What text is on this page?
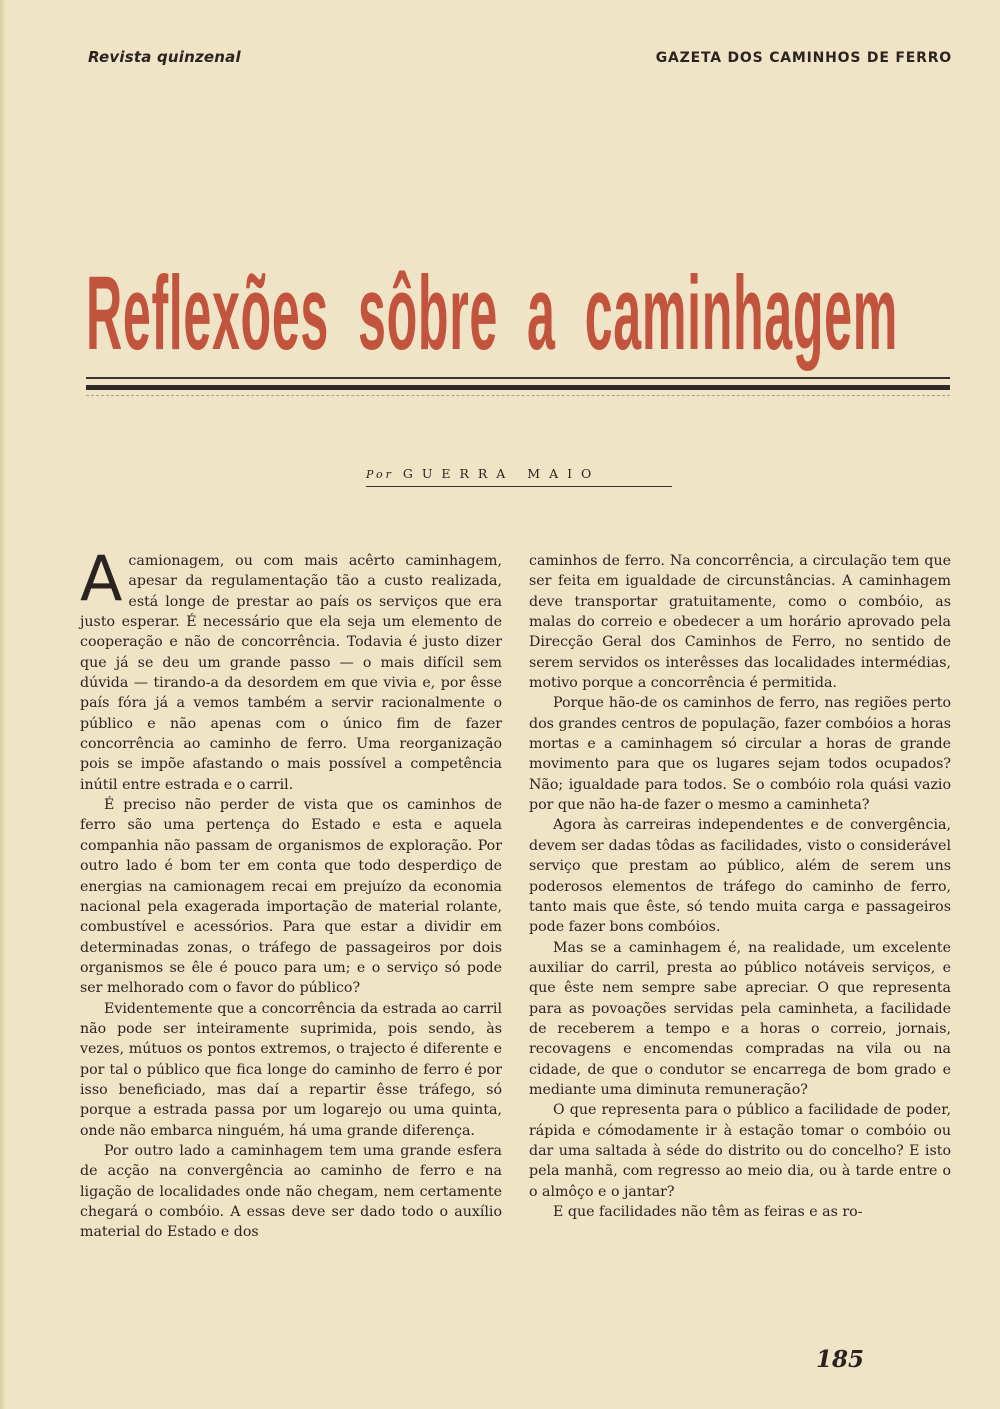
Revista quinzenal	GAZETA DOS CAMINHOS DE FERRO
Reflexões sôbre a caminhagem
Por GUERRA MAIO

Acamionagem, ou com mais acêrto caminhagem, apesar da regulamentação tão a custo realizada, está longe de prestar ao país os serviços que era justo esperar. É necessário que ela seja um elemento de cooperação e não de concorrência. Todavia é justo dizer que já se deu um grande passo — o mais difícil sem dúvida — tirando-a da desordem em que vivia e, por êsse país fóra já a vemos também a servir racionalmente o público e não apenas com o único fim de fazer concorrência ao caminho de ferro. Uma reorganização pois se impõe afastando o mais possível a competência inútil entre estrada e o carril.

É preciso não perder de vista que os caminhos de ferro são uma pertença do Estado e esta e aquela companhia não passam de organismos de exploração. Por outro lado é bom ter em conta que todo desperdiço de energias na camionagem recai em prejuízo da economia nacional pela exagerada importação de material rolante, combustível e acessórios. Para que estar a dividir em determinadas zonas, o tráfego de passageiros por dois organismos se êle é pouco para um; e o serviço só pode ser melhorado com o favor do público?

Evidentemente que a concorrência da estrada ao carril não pode ser inteiramente suprimida, pois sendo, às vezes, mútuos os pontos extremos, o trajecto é diferente e por tal o público que fica longe do caminho de ferro é por isso beneficiado, mas daí a repartir êsse tráfego, só porque a estrada passa por um logarejo ou uma quinta, onde não embarca ninguém, há uma grande diferença.

Por outro lado a caminhagem tem uma grande esfera de acção na convergência ao caminho de ferro e na ligação de localidades onde não chegam, nem certamente chegará o combóio. A essas deve ser dado todo o auxílio material do Estado e dos

caminhos de ferro. Na concorrência, a circulação tem que ser feita em igualdade de circunstâncias. A caminhagem deve transportar gratuitamente, como o combóio, as malas do correio e obedecer a um horário aprovado pela Direcção Geral dos Caminhos de Ferro, no sentido de serem servidos os interêsses das localidades intermédias, motivo porque a concorrência é permitida.

Porque hão-de os caminhos de ferro, nas regiões perto dos grandes centros de população, fazer combóios a horas mortas e a caminhagem só circular a horas de grande movimento para que os lugares sejam todos ocupados? Não; igualdade para todos. Se o combóio rola quási vazio por que não ha-de fazer o mesmo a caminheta?

Agora às carreiras independentes e de convergência, devem ser dadas tôdas as facilidades, visto o considerável serviço que prestam ao público, além de serem uns poderosos elementos de tráfego do caminho de ferro, tanto mais que êste, só tendo muita carga e passageiros pode fazer bons combóios.

Mas se a caminhagem é, na realidade, um excelente auxiliar do carril, presta ao público notáveis serviços, e que êste nem sempre sabe apreciar. O que representa para as povoações servidas pela caminheta, a facilidade de receberem a tempo e a horas o correio, jornais, recovagens e encomendas compradas na vila ou na cidade, de que o condutor se encarrega de bom grado e mediante uma diminuta remuneração?

O que representa para o público a facilidade de poder, rápida e cómodamente ir à estação tomar o combóio ou dar uma saltada à séde do distrito ou do concelho? E isto pela manhã, com regresso ao meio dia, ou à tarde entre o o almôço e o jantar?

E que facilidades não têm as feiras e as ro-

185
